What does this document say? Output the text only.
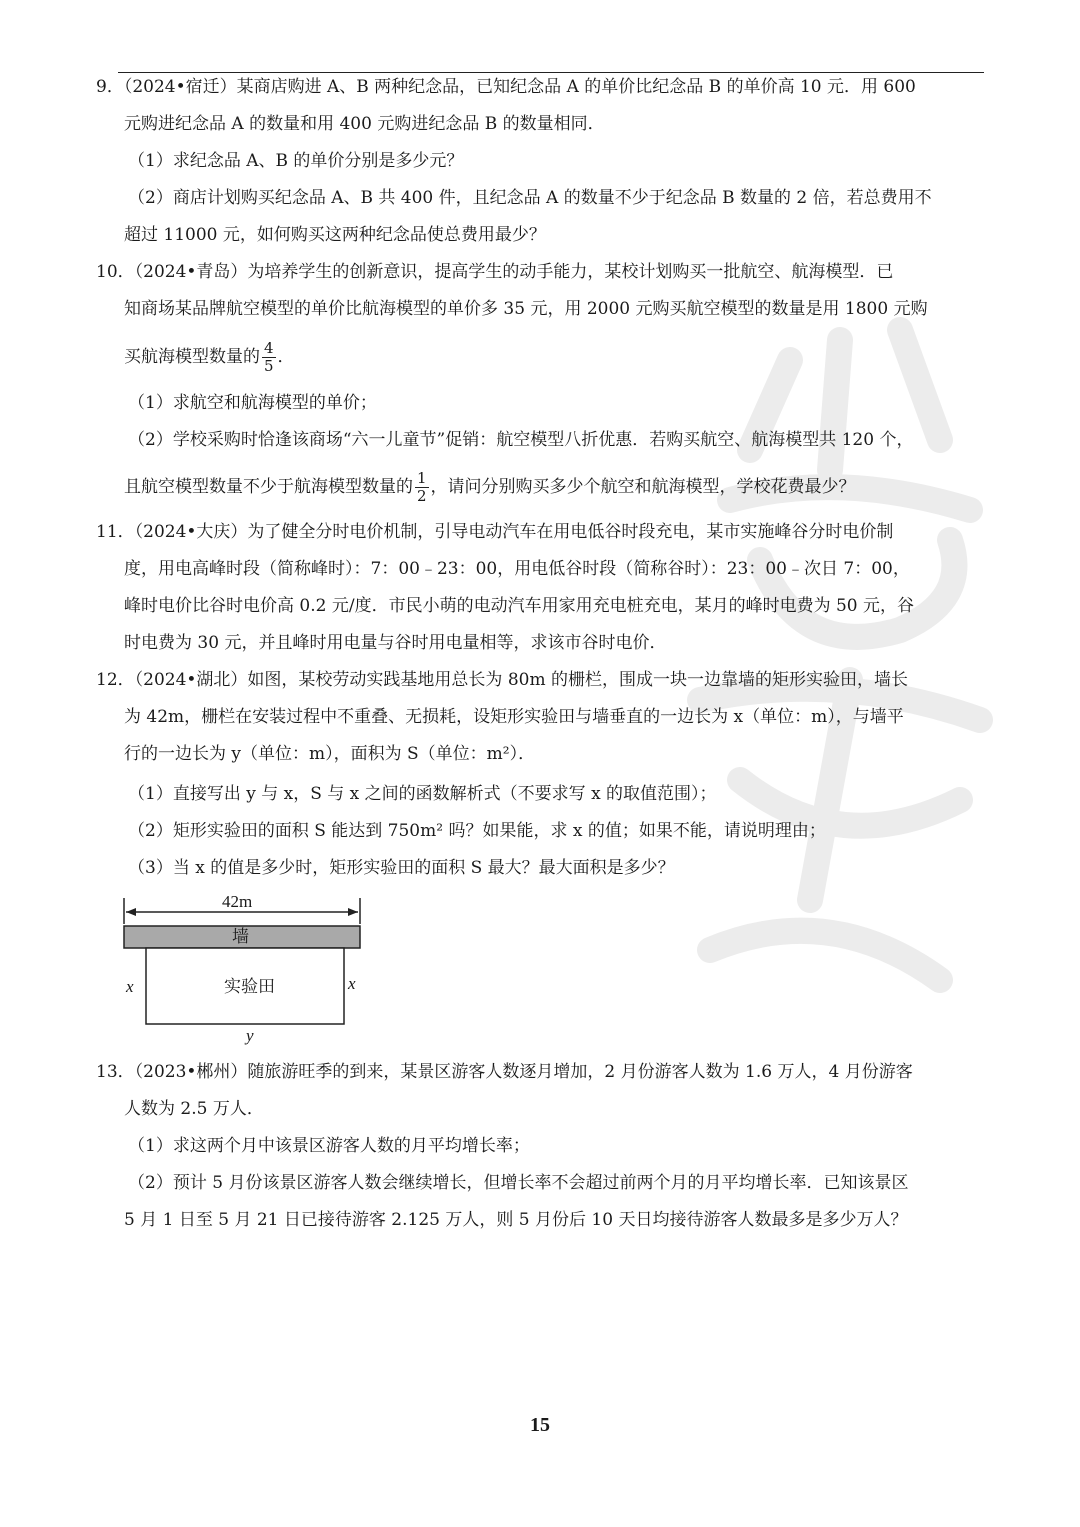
9．（2024•宿迁）某商店购进 A、B 两种纪念品，已知纪念品 A 的单价比纪念品 B 的单价高 10 元．用 600
元购进纪念品 A 的数量和用 400 元购进纪念品 B 的数量相同．
（1）求纪念品 A、B 的单价分别是多少元？
（2）商店计划购买纪念品 A、B 共 400 件，且纪念品 A 的数量不少于纪念品 B 数量的 2 倍，若总费用不
超过 11000 元，如何购买这两种纪念品使总费用最少？
10．（2024•青岛）为培养学生的创新意识，提高学生的动手能力，某校计划购买一批航空、航海模型．已
知商场某品牌航空模型的单价比航海模型的单价多 35 元，用 2000 元购买航空模型的数量是用 1800 元购
买航海模型数量的 $\frac{4}{5}$ ．
（1）求航空和航海模型的单价；
（2）学校采购时恰逢该商场“六一儿童节”促销：航空模型八折优惠．若购买航空、航海模型共 120 个，
且航空模型数量不少于航海模型数量的 $\frac{1}{2}$ ，请问分别购买多少个航空和航海模型，学校花费最少？
11．（2024•大庆）为了健全分时电价机制，引导电动汽车在用电低谷时段充电，某市实施峰谷分时电价制
度，用电高峰时段（简称峰时）：7：00﹣23：00，用电低谷时段（简称谷时）：23：00﹣次日 7：00，
峰时电价比谷时电价高 0.2 元/度．市民小萌的电动汽车用家用充电桩充电，某月的峰时电费为 50 元，谷
时电费为 30 元，并且峰时用电量与谷时用电量相等，求该市谷时电价．
12．（2024•湖北）如图，某校劳动实践基地用总长为 80m 的栅栏，围成一块一边靠墙的矩形实验田，墙长
为 42m，栅栏在安装过程中不重叠、无损耗，设矩形实验田与墙垂直的一边长为 x（单位：m），与墙平
行的一边长为 y（单位：m），面积为 S（单位：m²）．
（1）直接写出 y 与 x，S 与 x 之间的函数解析式（不要求写 x 的取值范围）；
（2）矩形实验田的面积 S 能达到 750m² 吗？如果能，求 x 的值；如果不能，请说明理由；
（3）当 x 的值是多少时，矩形实验田的面积 S 最大？最大面积是多少？
42m
墙
实验田
x	x
y
13．（2023•郴州）随旅游旺季的到来，某景区游客人数逐月增加，2 月份游客人数为 1.6 万人，4 月份游客
人数为 2.5 万人．
（1）求这两个月中该景区游客人数的月平均增长率；
（2）预计 5 月份该景区游客人数会继续增长，但增长率不会超过前两个月的月平均增长率．已知该景区
5 月 1 日至 5 月 21 日已接待游客 2.125 万人，则 5 月份后 10 天日均接待游客人数最多是多少万人？
15
